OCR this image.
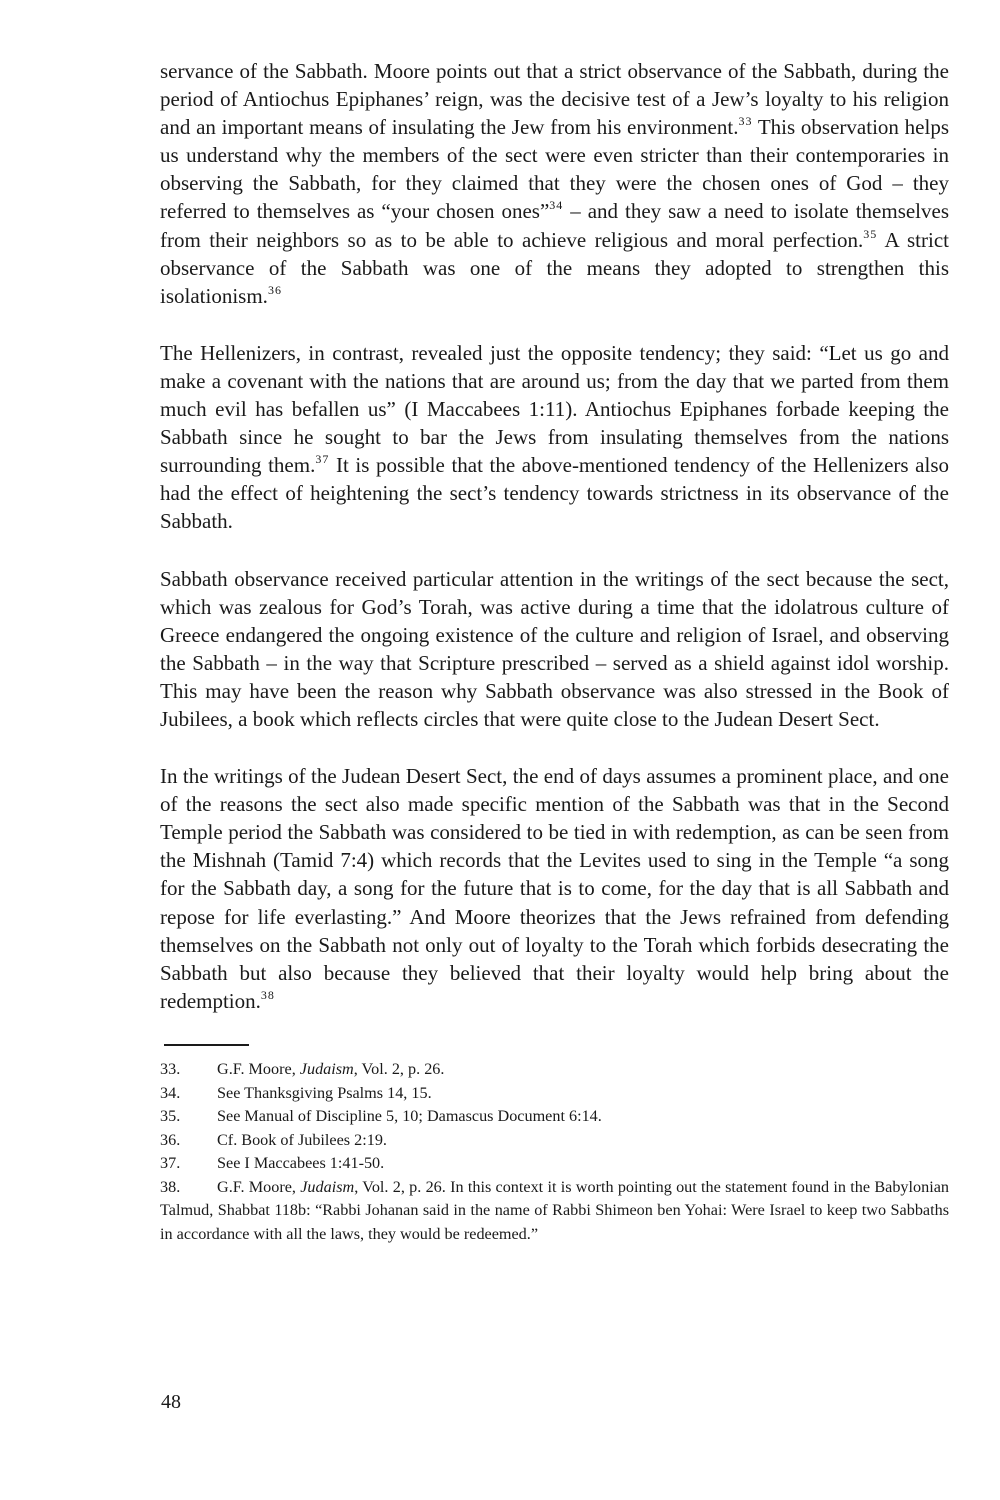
servance of the Sabbath. Moore points out that a strict observance of the Sabbath, during the period of Antiochus Epiphanes’ reign, was the decisive test of a Jew’s loyalty to his religion and an important means of insulating the Jew from his environment.$^{33}$ This observation helps us understand why the members of the sect were even stricter than their contemporaries in observing the Sabbath, for they claimed that they were the chosen ones of God – they referred to themselves as “your chosen ones”$^{34}$ – and they saw a need to isolate themselves from their neighbors so as to be able to achieve religious and moral perfection.$^{35}$ A strict observance of the Sabbath was one of the means they adopted to strengthen this isolationism.$^{36}$

The Hellenizers, in contrast, revealed just the opposite tendency; they said: “Let us go and make a covenant with the nations that are around us; from the day that we parted from them much evil has befallen us” (I Maccabees 1:11). Antiochus Epiphanes forbade keeping the Sabbath since he sought to bar the Jews from insulating themselves from the nations surrounding them.$^{37}$ It is possible that the above-mentioned tendency of the Hellenizers also had the effect of heightening the sect’s tendency towards strictness in its observance of the Sabbath.

Sabbath observance received particular attention in the writings of the sect because the sect, which was zealous for God’s Torah, was active during a time that the idolatrous culture of Greece endangered the ongoing existence of the culture and religion of Israel, and observing the Sabbath – in the way that Scripture prescribed – served as a shield against idol worship. This may have been the reason why Sabbath observance was also stressed in the Book of Jubilees, a book which reflects circles that were quite close to the Judean Desert Sect.

In the writings of the Judean Desert Sect, the end of days assumes a prominent place, and one of the reasons the sect also made specific mention of the Sabbath was that in the Second Temple period the Sabbath was considered to be tied in with redemption, as can be seen from the Mishnah (Tamid 7:4) which records that the Levites used to sing in the Temple “a song for the Sabbath day, a song for the future that is to come, for the day that is all Sabbath and repose for life everlasting.” And Moore theorizes that the Jews refrained from defending themselves on the Sabbath not only out of loyalty to the Torah which forbids desecrating the Sabbath but also because they believed that their loyalty would help bring about the redemption.$^{38}$

33.	G.F. Moore, Judaism, Vol. 2, p. 26.
34.	See Thanksgiving Psalms 14, 15.
35.	See Manual of Discipline 5, 10; Damascus Document 6:14.
36.	Cf. Book of Jubilees 2:19.
37.	See I Maccabees 1:41-50.
38. G.F. Moore, Judaism, Vol. 2, p. 26. In this context it is worth pointing out the statement found in the Babylonian Talmud, Shabbat 118b: “Rabbi Johanan said in the name of Rabbi Shimeon ben Yohai: Were Israel to keep two Sabbaths in accordance with all the laws, they would be redeemed.”
48
